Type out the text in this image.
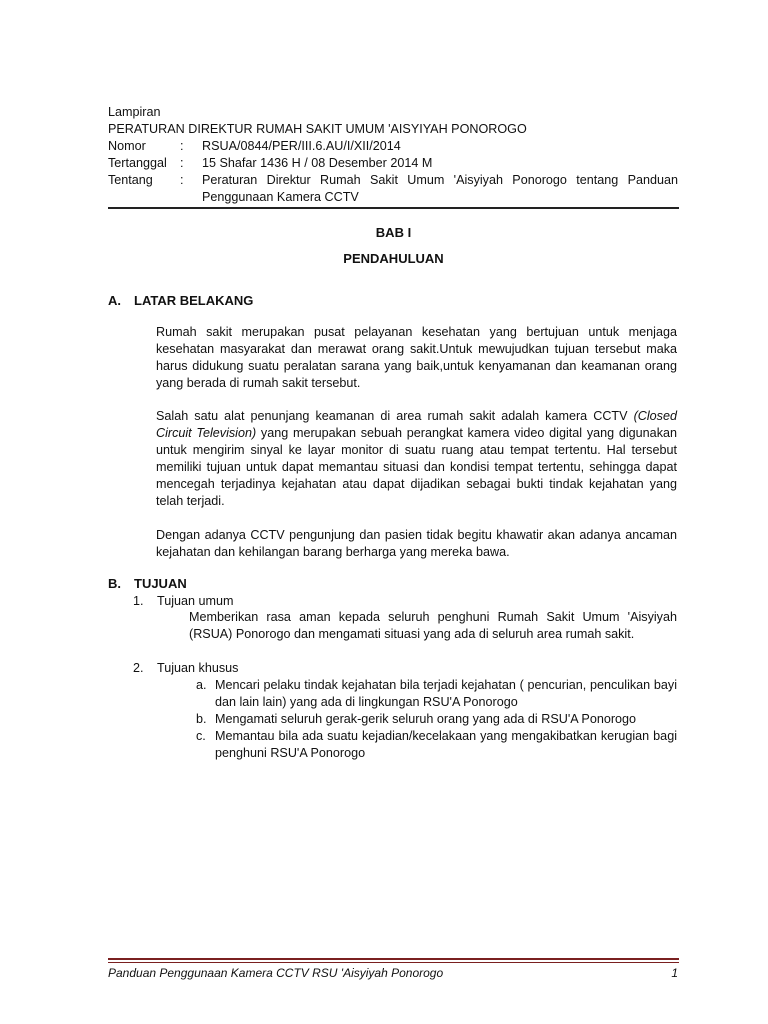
Lampiran
PERATURAN DIREKTUR RUMAH SAKIT UMUM 'AISYIYAH PONOROGO
Nomor	:	RSUA/0844/PER/III.6.AU/I/XII/2014
Tertanggal	:	15 Shafar 1436 H / 08 Desember 2014 M
Tentang	:	Peraturan Direktur Rumah Sakit Umum 'Aisyiyah Ponorogo tentang Panduan Penggunaan Kamera CCTV
BAB I
PENDAHULUAN
A. LATAR BELAKANG
Rumah sakit merupakan pusat pelayanan kesehatan yang bertujuan untuk menjaga kesehatan masyarakat dan merawat orang sakit.Untuk mewujudkan tujuan tersebut maka harus didukung suatu peralatan sarana yang baik,untuk kenyamanan dan keamanan orang yang berada di rumah sakit tersebut.
Salah satu alat penunjang keamanan di area rumah sakit adalah kamera CCTV (Closed Circuit Television) yang merupakan sebuah perangkat kamera video digital yang digunakan untuk mengirim sinyal ke layar monitor di suatu ruang atau tempat tertentu. Hal tersebut memiliki tujuan untuk dapat memantau situasi dan kondisi tempat tertentu, sehingga dapat mencegah terjadinya kejahatan atau dapat dijadikan sebagai bukti tindak kejahatan yang telah terjadi.
Dengan adanya CCTV pengunjung dan pasien tidak begitu khawatir akan adanya ancaman kejahatan dan kehilangan barang berharga yang mereka bawa.
B. TUJUAN
1. Tujuan umum
Memberikan rasa aman kepada seluruh penghuni Rumah Sakit Umum 'Aisyiyah (RSUA) Ponorogo dan mengamati situasi yang ada di seluruh area rumah sakit.
2. Tujuan khusus
a. Mencari pelaku tindak kejahatan bila terjadi kejahatan ( pencurian, penculikan bayi dan lain lain) yang ada di lingkungan RSU'A Ponorogo
b. Mengamati seluruh gerak-gerik seluruh orang yang ada di RSU'A Ponorogo
c. Memantau bila ada suatu kejadian/kecelakaan yang mengakibatkan kerugian bagi penghuni RSU'A Ponorogo
Panduan Penggunaan Kamera CCTV RSU 'Aisyiyah Ponorogo	1
